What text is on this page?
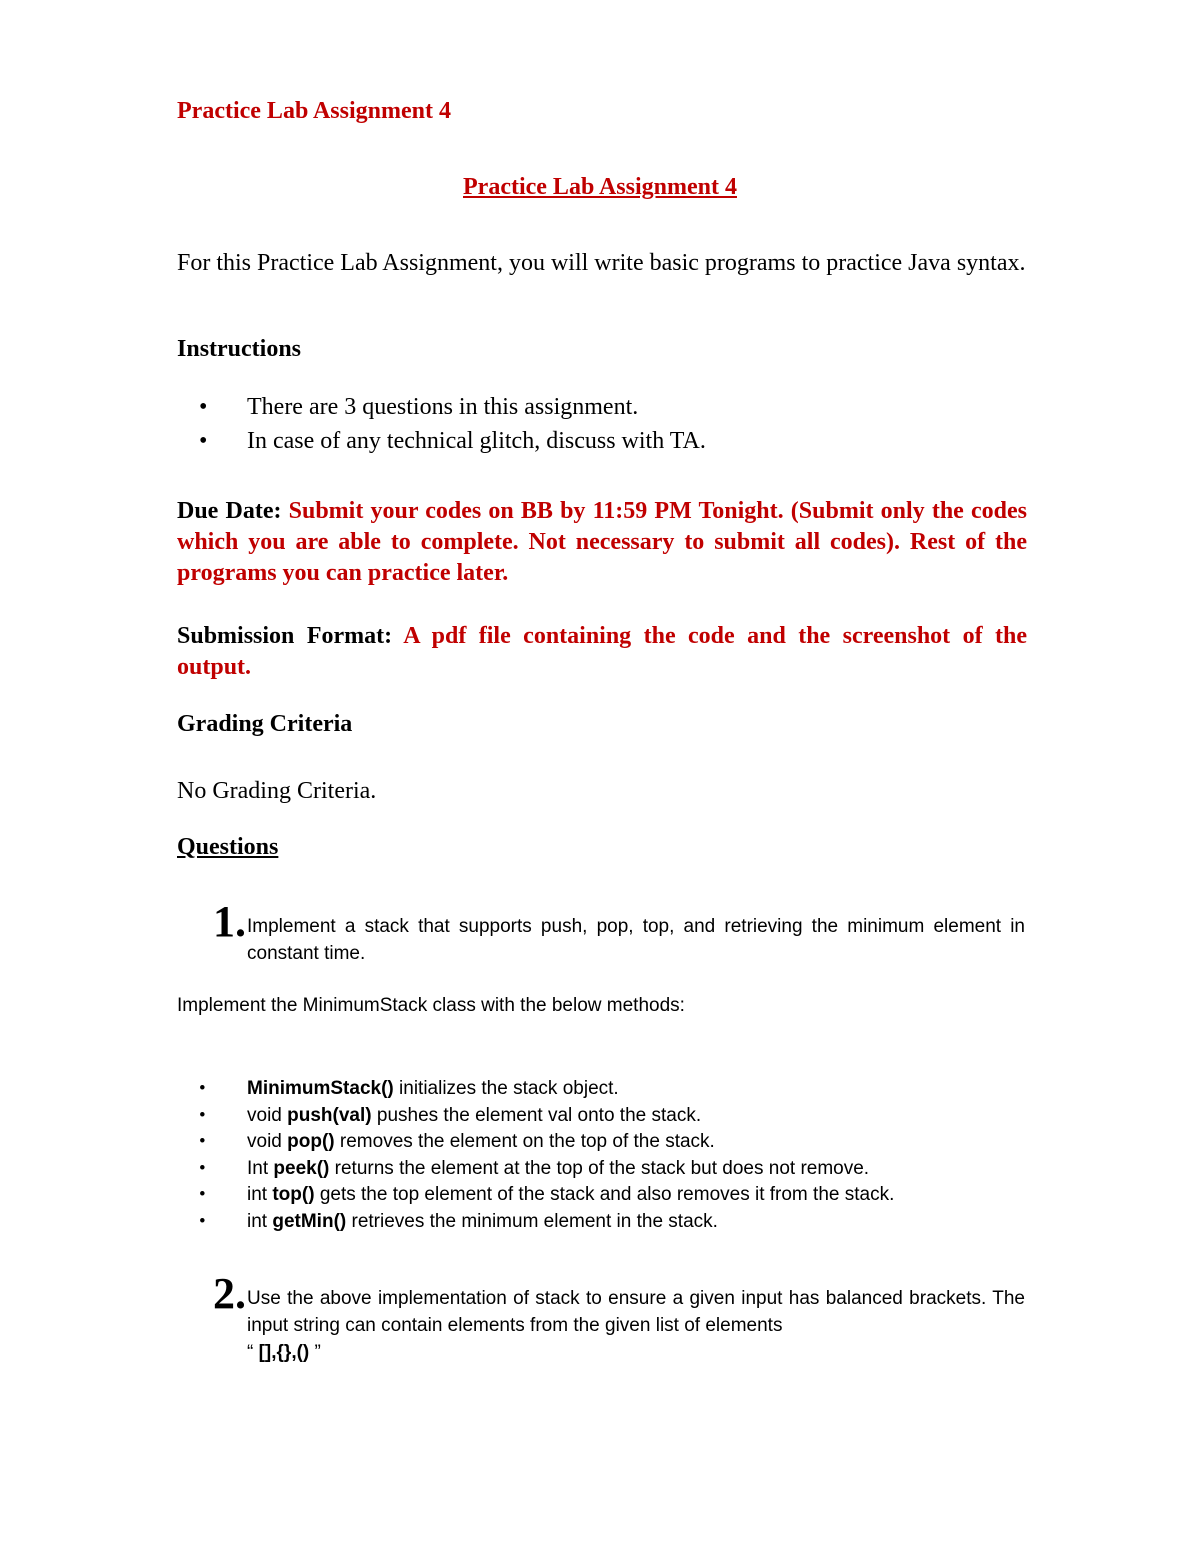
Practice Lab Assignment 4
Practice Lab Assignment 4

For this Practice Lab Assignment, you will write basic programs to practice Java syntax.

Instructions
• There are 3 questions in this assignment.
• In case of any technical glitch, discuss with TA.

Due Date: Submit your codes on BB by 11:59 PM Tonight. (Submit only the codes which you are able to complete. Not necessary to submit all codes). Rest of the programs you can practice later.

Submission Format: A pdf file containing the code and the screenshot of the output.

Grading Criteria

No Grading Criteria.

Questions
1. Implement a stack that supports push, pop, top, and retrieving the minimum element in constant time.

Implement the MinimumStack class with the below methods:

• MinimumStack() initializes the stack object.
• void push(val) pushes the element val onto the stack.
• void pop() removes the element on the top of the stack.
• Int peek() returns the element at the top of the stack but does not remove.
• int top() gets the top element of the stack and also removes it from the stack.
• int getMin() retrieves the minimum element in the stack.
2. Use the above implementation of stack to ensure a given input has balanced brackets. The input string can contain elements from the given list of elements
“ [],{},() ”
